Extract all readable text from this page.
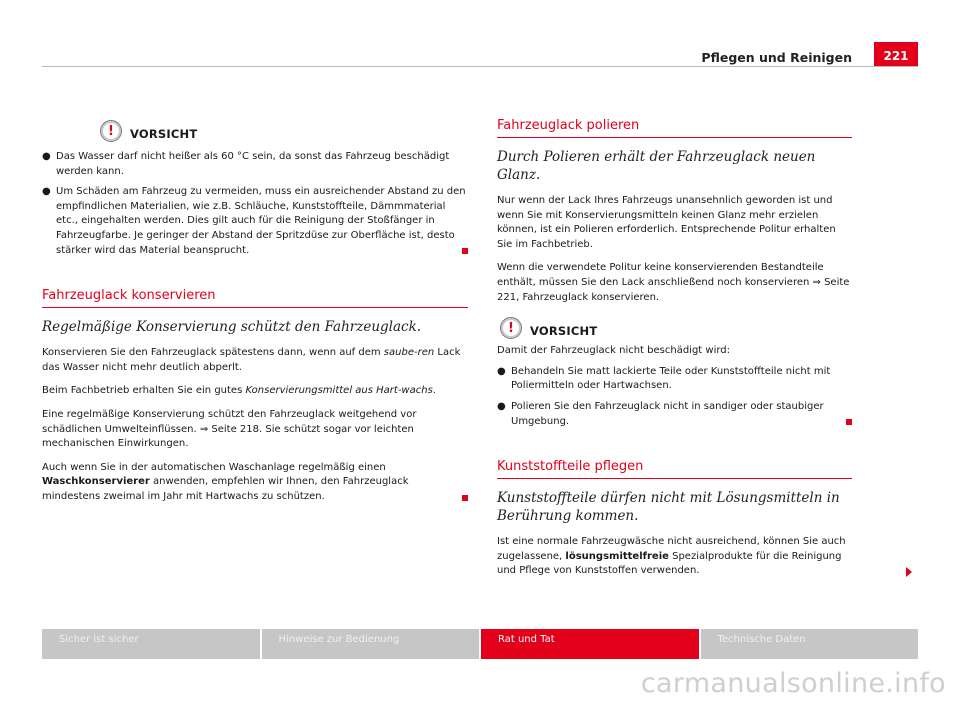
Pflegen und Reinigen	221
!	VORSICHT
● Das Wasser darf nicht heißer als 60 °C sein, da sonst das Fahrzeug beschädigt werden kann.
● Um Schäden am Fahrzeug zu vermeiden, muss ein ausreichender Abstand zu den empfindlichen Materialien, wie z.B. Schläuche, Kunststoffteile, Dämmmaterial etc., eingehalten werden. Dies gilt auch für die Reinigung der Stoßfänger in Fahrzeugfarbe. Je geringer der Abstand der Spritzdüse zur Oberfläche ist, desto stärker wird das Material beansprucht.
Fahrzeuglack konservieren
Regelmäßige Konservierung schützt den Fahrzeuglack.
Konservieren Sie den Fahrzeuglack spätestens dann, wenn auf dem saube-ren Lack das Wasser nicht mehr deutlich abperlt.
Beim Fachbetrieb erhalten Sie ein gutes Konservierungsmittel aus Hart-wachs.
Eine regelmäßige Konservierung schützt den Fahrzeuglack weitgehend vor schädlichen Umwelteinflüssen. ⇒ Seite 218. Sie schützt sogar vor leichten mechanischen Einwirkungen.
Auch wenn Sie in der automatischen Waschanlage regelmäßig einen Waschkonservierer anwenden, empfehlen wir Ihnen, den Fahrzeuglack mindestens zweimal im Jahr mit Hartwachs zu schützen.
Fahrzeuglack polieren
Durch Polieren erhält der Fahrzeuglack neuen Glanz.
Nur wenn der Lack Ihres Fahrzeugs unansehnlich geworden ist und wenn Sie mit Konservierungsmitteln keinen Glanz mehr erzielen können, ist ein Polieren erforderlich. Entsprechende Politur erhalten Sie im Fachbetrieb.
Wenn die verwendete Politur keine konservierenden Bestandteile enthält, müssen Sie den Lack anschließend noch konservieren ⇒ Seite 221, Fahrzeuglack konservieren.
!	VORSICHT
Damit der Fahrzeuglack nicht beschädigt wird:
● Behandeln Sie matt lackierte Teile oder Kunststoffteile nicht mit Poliermitteln oder Hartwachsen.
● Polieren Sie den Fahrzeuglack nicht in sandiger oder staubiger Umgebung.
Kunststoffteile pflegen
Kunststoffteile dürfen nicht mit Lösungsmitteln in Berührung kommen.
Ist eine normale Fahrzeugwäsche nicht ausreichend, können Sie auch zugelassene, lösungsmittelfreie Spezialprodukte für die Reinigung und Pflege von Kunststoffen verwenden.
Sicher ist sicher	Hinweise zur Bedienung	Rat und Tat	Technische Daten
carmanualsonline.info
